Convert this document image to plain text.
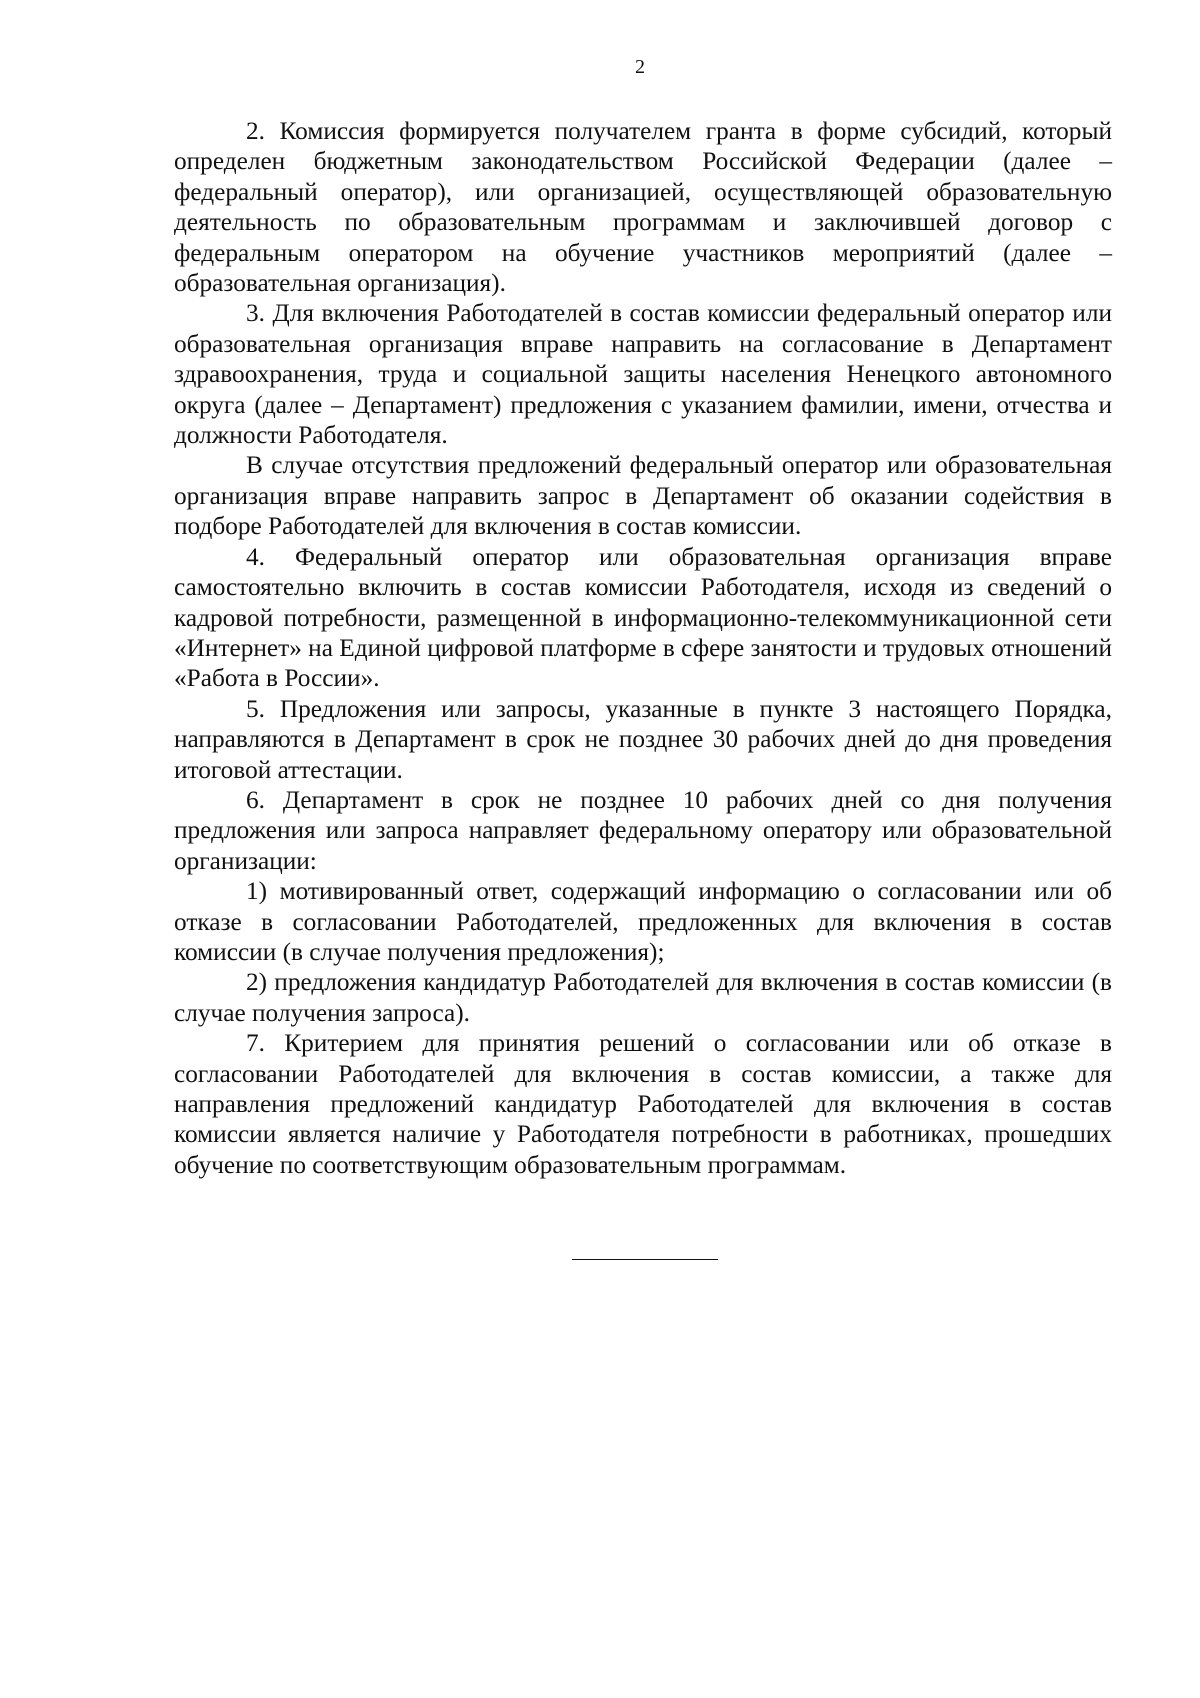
2

2. Комиссия формируется получателем гранта в форме субсидий, который определен бюджетным законодательством Российской Федерации (далее – федеральный оператор), или организацией, осуществляющей образовательную деятельность по образовательным программам и заключившей договор с федеральным оператором на обучение участников мероприятий (далее – образовательная организация).

3. Для включения Работодателей в состав комиссии федеральный оператор или образовательная организация вправе направить на согласование в Департамент здравоохранения, труда и социальной защиты населения Ненецкого автономного округа (далее – Департамент) предложения с указанием фамилии, имени, отчества и должности Работодателя.

В случае отсутствия предложений федеральный оператор или образовательная организация вправе направить запрос в Департамент об оказании содействия в подборе Работодателей для включения в состав комиссии.

4. Федеральный оператор или образовательная организация вправе самостоятельно включить в состав комиссии Работодателя, исходя из сведений о кадровой потребности, размещенной в информационно-телекоммуникационной сети «Интернет» на Единой цифровой платформе в сфере занятости и трудовых отношений «Работа в России».

5. Предложения или запросы, указанные в пункте 3 настоящего Порядка, направляются в Департамент в срок не позднее 30 рабочих дней до дня проведения итоговой аттестации.

6. Департамент в срок не позднее 10 рабочих дней со дня получения предложения или запроса направляет федеральному оператору или образовательной организации:

1) мотивированный ответ, содержащий информацию о согласовании или об отказе в согласовании Работодателей, предложенных для включения в состав комиссии (в случае получения предложения);

2) предложения кандидатур Работодателей для включения в состав комиссии (в случае получения запроса).

7. Критерием для принятия решений о согласовании или об отказе в согласовании Работодателей для включения в состав комиссии, а также для направления предложений кандидатур Работодателей для включения в состав комиссии является наличие у Работодателя потребности в работниках, прошедших обучение по соответствующим образовательным программам.
